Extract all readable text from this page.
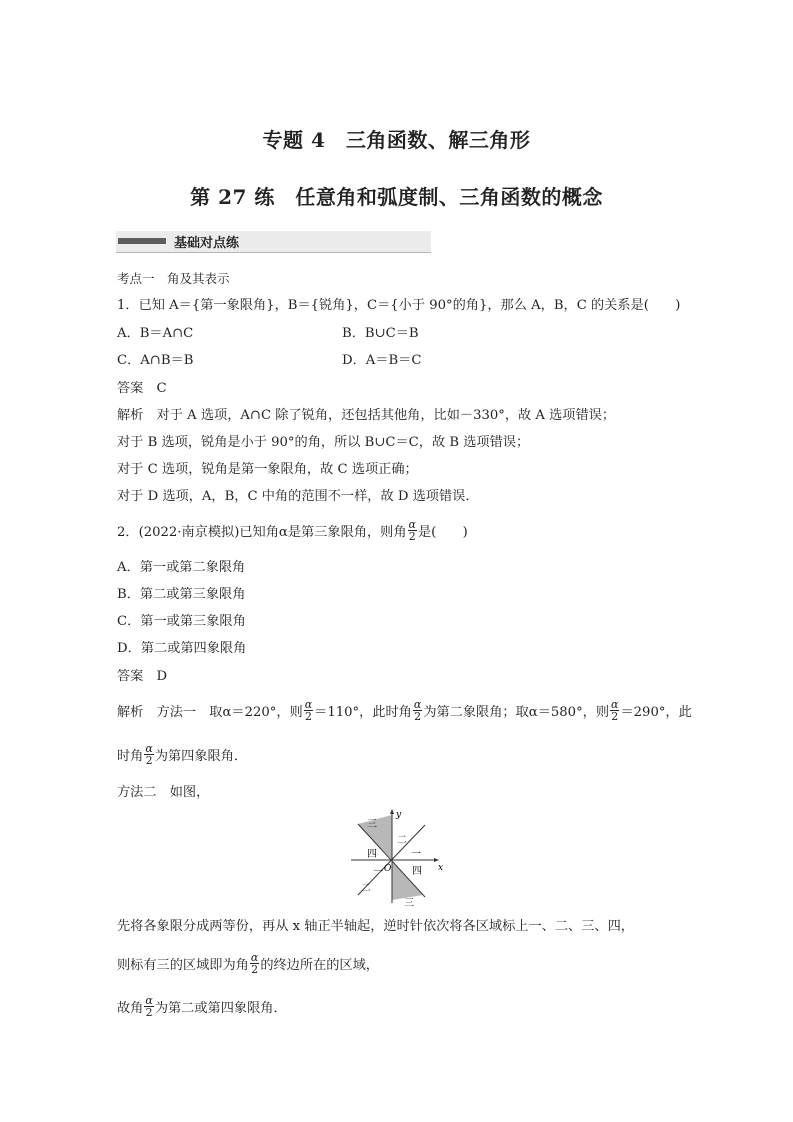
专题 4　三角函数、解三角形
第 27 练　任意角和弧度制、三角函数的概念
基础对点练
考点一　角及其表示
1．已知 A＝{第一象限角}，B＝{锐角}，C＝{小于 90°的角}，那么 A，B，C 的关系是(　　)
A．B＝A∩C	B．B∪C＝B
C．A∩B＝B	D．A＝B＝C
答案　C
解析　对于 A 选项，A∩C 除了锐角，还包括其他角，比如－330°，故 A 选项错误；
对于 B 选项，锐角是小于 90°的角，所以 B∪C＝C，故 B 选项错误；
对于 C 选项，锐角是第一象限角，故 C 选项正确；
对于 D 选项，A，B，C 中角的范围不一样，故 D 选项错误．
2．(2022·南京模拟)已知角α是第三象限角，则角 $\frac{\alpha}{2}$ 是(　　)
A．第一或第二象限角
B．第二或第三象限角
C．第一或第三象限角
D．第二或第四象限角
答案　D
解析　方法一　取α＝220°，则 $\frac{\alpha}{2} =110^\circ$，此时角 $\frac{\alpha}{2}$ 为第二象限角；取α＝580°，则 $\frac{\alpha}{2} =290^\circ$，此
时角 $\frac{\alpha}{2}$ 为第四象限角．
方法二　如图，
y
x
O
三
二
一
四
四
一
二
三
先将各象限分成两等份，再从 x 轴正半轴起，逆时针依次将各区域标上一、二、三、四，
则标有三的区域即为角 $\frac{\alpha}{2}$ 的终边所在的区域，
故角 $\frac{\alpha}{2}$ 为第二或第四象限角．
